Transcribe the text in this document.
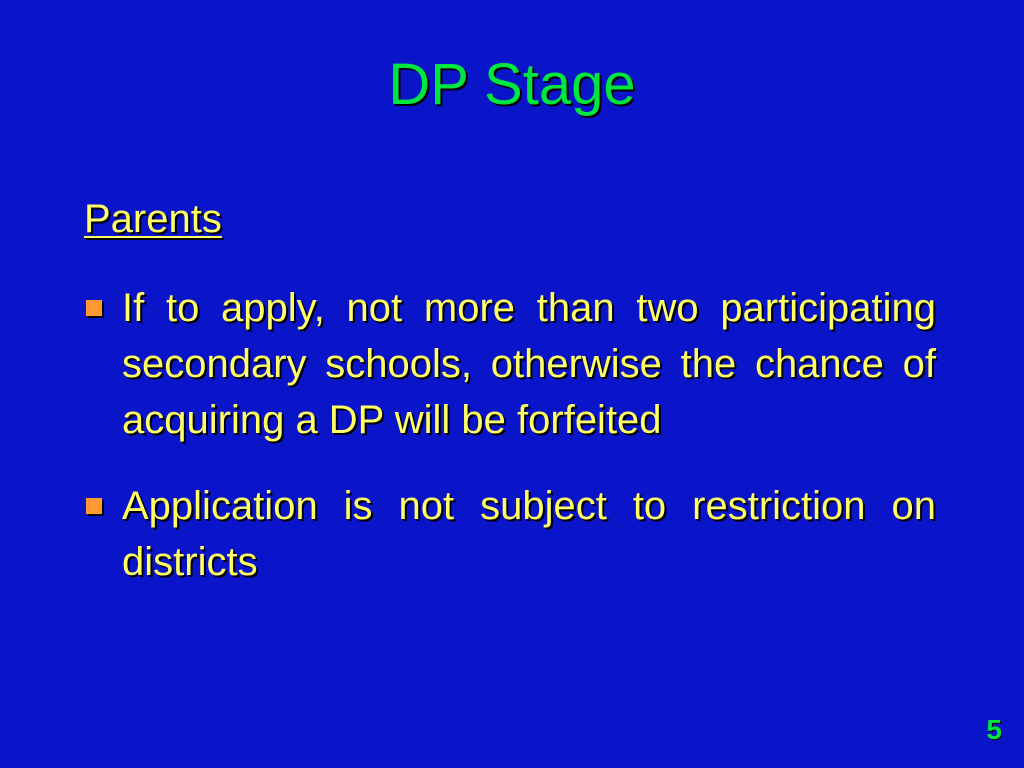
DP Stage
Parents
If to apply, not more than two participating secondary schools, otherwise the chance of acquiring a DP will be forfeited
Application is not subject to restriction on districts
5
